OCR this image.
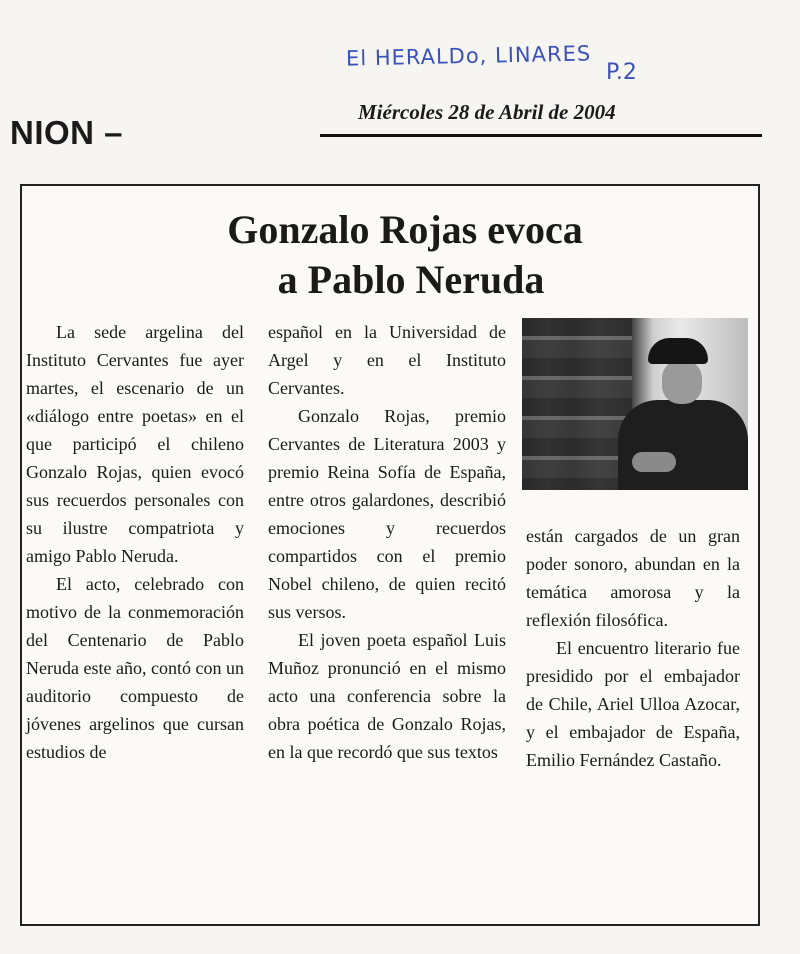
El HERALDo, LINARES
P.2
NION –
Miércoles 28 de Abril de 2004
Gonzalo Rojas evoca
a Pablo Neruda

La sede argelina del Instituto Cervantes fue ayer martes, el escenario de un «diálogo entre poetas» en el que participó el chileno Gonzalo Rojas, quien evocó sus recuerdos personales con su ilustre compatriota y amigo Pablo Neruda.

El acto, celebrado con motivo de la conmemoración del Centenario de Pablo Neruda este año, contó con un auditorio compuesto de jóvenes argelinos que cursan estudios de

español en la Universidad de Argel y en el Instituto Cervantes.

Gonzalo Rojas, premio Cervantes de Literatura 2003 y premio Reina Sofía de España, entre otros galardones, describió emociones y recuerdos compartidos con el premio Nobel chileno, de quien recitó sus versos.

El joven poeta español Luis Muñoz pronunció en el mismo acto una conferencia sobre la obra poética de Gonzalo Rojas, en la que recordó que sus textos

están cargados de un gran poder sonoro, abundan en la temática amorosa y la reflexión filosófica.

El encuentro literario fue presidido por el embajador de Chile, Ariel Ulloa Azocar, y el embajador de España, Emilio Fernández Castaño.
